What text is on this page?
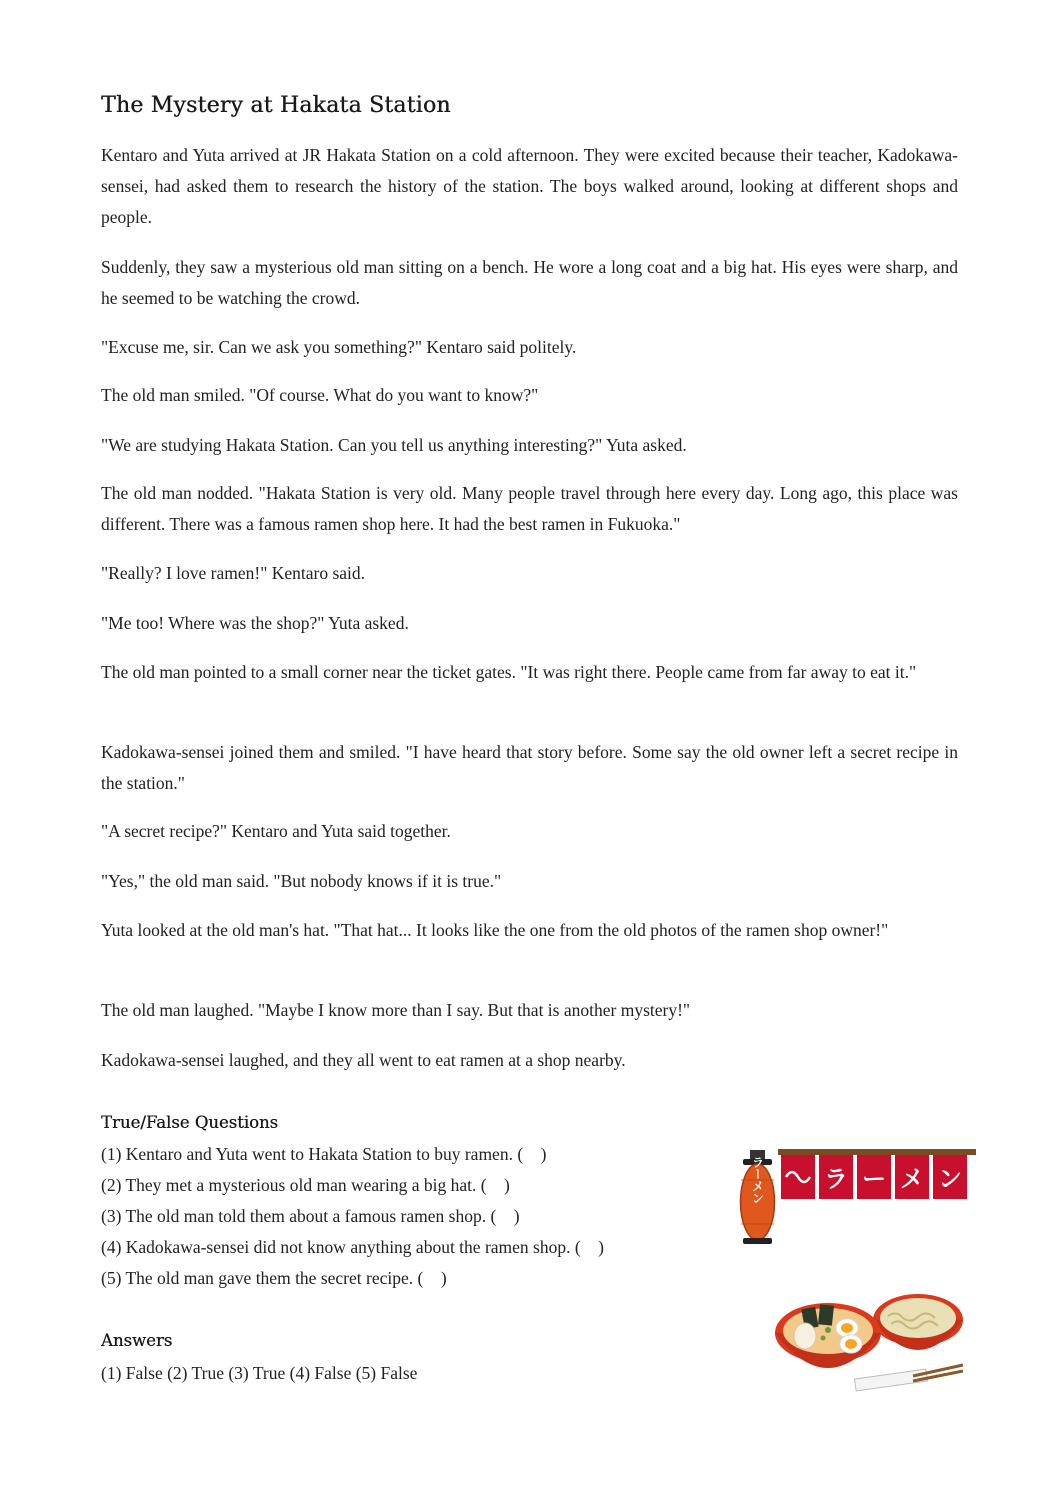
The Mystery at Hakata Station

Kentaro and Yuta arrived at JR Hakata Station on a cold afternoon. They were excited because their teacher, Kadokawa-sensei, had asked them to research the history of the station. The boys walked around, looking at different shops and people.

Suddenly, they saw a mysterious old man sitting on a bench. He wore a long coat and a big hat. His eyes were sharp, and he seemed to be watching the crowd.

"Excuse me, sir. Can we ask you something?" Kentaro said politely.

The old man smiled. "Of course. What do you want to know?"

"We are studying Hakata Station. Can you tell us anything interesting?" Yuta asked.

The old man nodded. "Hakata Station is very old. Many people travel through here every day. Long ago, this place was different. There was a famous ramen shop here. It had the best ramen in Fukuoka."

"Really? I love ramen!" Kentaro said.

"Me too! Where was the shop?" Yuta asked.

The old man pointed to a small corner near the ticket gates. "It was right there. People came from far away to eat it."

Kadokawa-sensei joined them and smiled. "I have heard that story before. Some say the old owner left a secret recipe in the station."

"A secret recipe?" Kentaro and Yuta said together.

"Yes," the old man said. "But nobody knows if it is true."

Yuta looked at the old man's hat. "That hat... It looks like the one from the old photos of the ramen shop owner!"

The old man laughed. "Maybe I know more than I say. But that is another mystery!"

Kadokawa-sensei laughed, and they all went to eat ramen at a shop nearby.

True/False Questions
(1) Kentaro and Yuta went to Hakata Station to buy ramen. (　)
(2) They met a mysterious old man wearing a big hat. (　)
(3) The old man told them about a famous ramen shop. (　)
(4) Kadokawa-sensei did not know anything about the ramen shop. (　)
(5) The old man gave them the secret recipe. (　)
Answers
(1) False (2) True (3) True (4) False (5) False
ラーメン ラ ー メ ン
